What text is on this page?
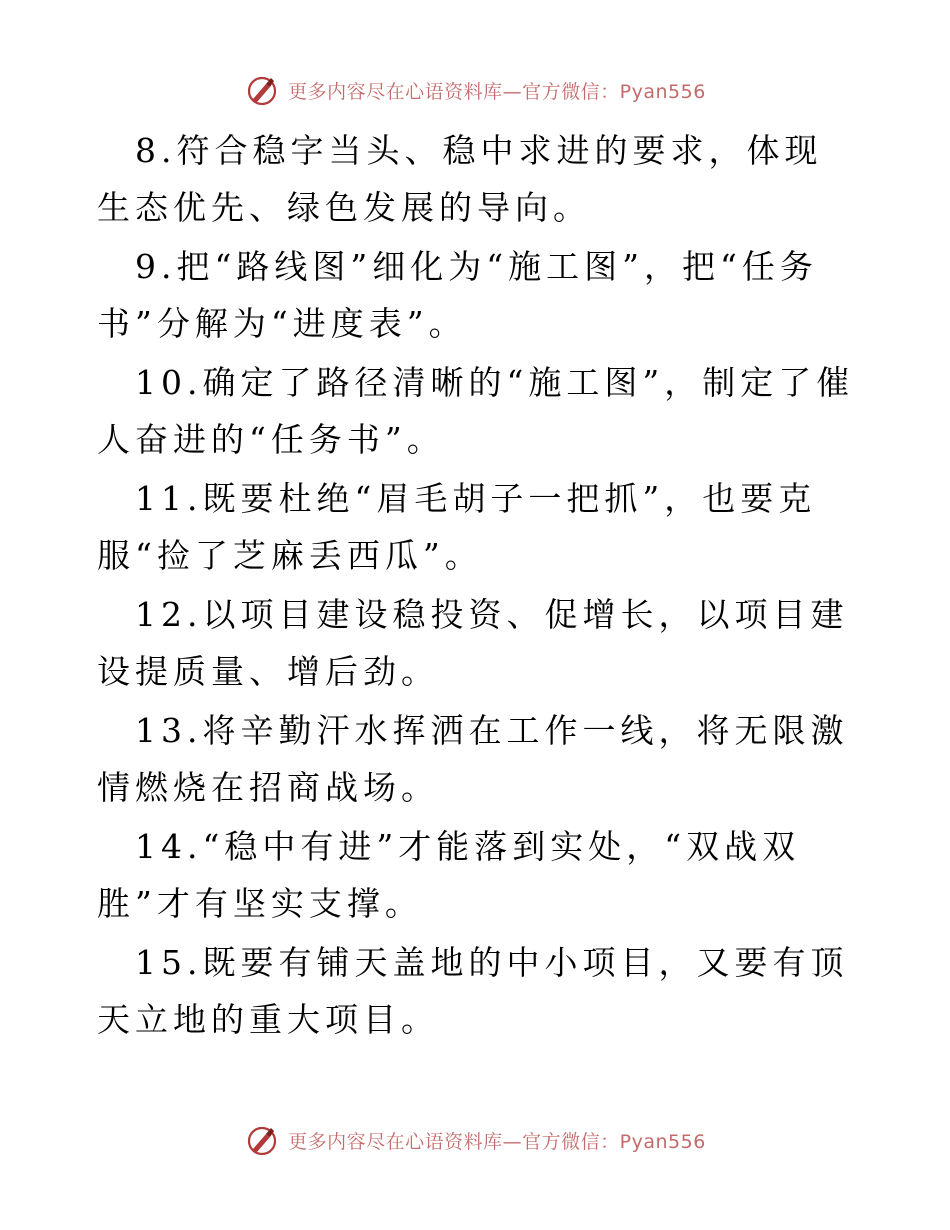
更多内容尽在心语资料库—官方微信：Pyan556

8.符合稳字当头、稳中求进的要求，体现生态优先、绿色发展的导向。

9.把“路线图”细化为“施工图”，把“任务书”分解为“进度表”。

10.确定了路径清晰的“施工图”，制定了催人奋进的“任务书”。

11.既要杜绝“眉毛胡子一把抓”，也要克服“捡了芝麻丢西瓜”。

12.以项目建设稳投资、促增长，以项目建设提质量、增后劲。

13.将辛勤汗水挥洒在工作一线，将无限激情燃烧在招商战场。

14.“稳中有进”才能落到实处，“双战双胜”才有坚实支撑。

15.既要有铺天盖地的中小项目，又要有顶天立地的重大项目。

更多内容尽在心语资料库—官方微信：Pyan556
